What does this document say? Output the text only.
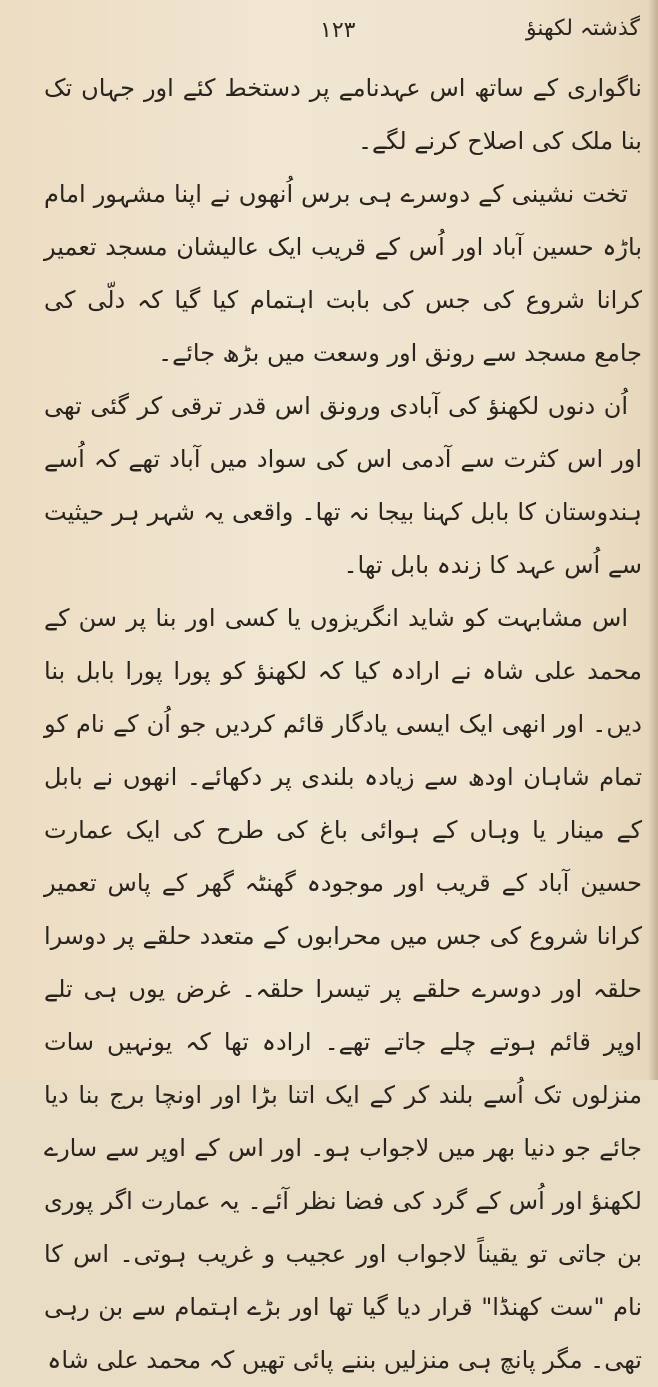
۱۲۳	گذشتہ لکھنؤ

ناگواری کے ساتھ اس عہدنامے پر دستخط کئے اور جہاں تک بنا ملک کی اصلاح کرنے لگے۔

تخت نشینی کے دوسرے ہی برس اُنھوں نے اپنا مشہور امام باڑہ حسین آباد اور اُس کے قریب ایک عالیشان مسجد تعمیر کرانا شروع کی جس کی بابت اہتمام کیا گیا کہ دلّی کی جامع مسجد سے رونق اور وسعت میں بڑھ جائے۔

اُن دنوں لکھنؤ کی آبادی ورونق اس قدر ترقی کر گئی تھی اور اس کثرت سے آدمی اس کی سواد میں آباد تھے کہ اُسے ہندوستان کا بابل کہنا بیجا نہ تھا۔ واقعی یہ شہر ہر حیثیت سے اُس عہد کا زندہ بابل تھا۔

اس مشابہت کو شاید انگریزوں یا کسی اور بنا پر سن کے محمد علی شاہ نے ارادہ کیا کہ لکھنؤ کو پورا پورا بابل بنا دیں۔ اور انھی ایک ایسی یادگار قائم کردیں جو اُن کے نام کو تمام شاہان اودھ سے زیادہ بلندی پر دکھائے۔ انھوں نے بابل کے مینار یا وہاں کے ہوائی باغ کی طرح کی ایک عمارت حسین آباد کے قریب اور موجودہ گھنٹہ گھر کے پاس تعمیر کرانا شروع کی جس میں محرابوں کے متعدد حلقے پر دوسرا حلقہ اور دوسرے حلقے پر تیسرا حلقہ۔ غرض یوں ہی تلے اوپر قائم ہوتے چلے جاتے تھے۔ ارادہ تھا کہ یونہیں سات منزلوں تک اُسے بلند کر کے ایک اتنا بڑا اور اونچا برج بنا دیا جائے جو دنیا بھر میں لاجواب ہو۔ اور اس کے اوپر سے سارے لکھنؤ اور اُس کے گرد کی فضا نظر آئے۔ یہ عمارت اگر پوری بن جاتی تو یقیناً لاجواب اور عجیب و غریب ہوتی۔ اس کا نام "ست کھنڈا" قرار دیا گیا تھا اور بڑے اہتمام سے بن رہی تھی۔ مگر پانچ ہی منزلیں بننے پائی تھیں کہ محمد علی شاہ
